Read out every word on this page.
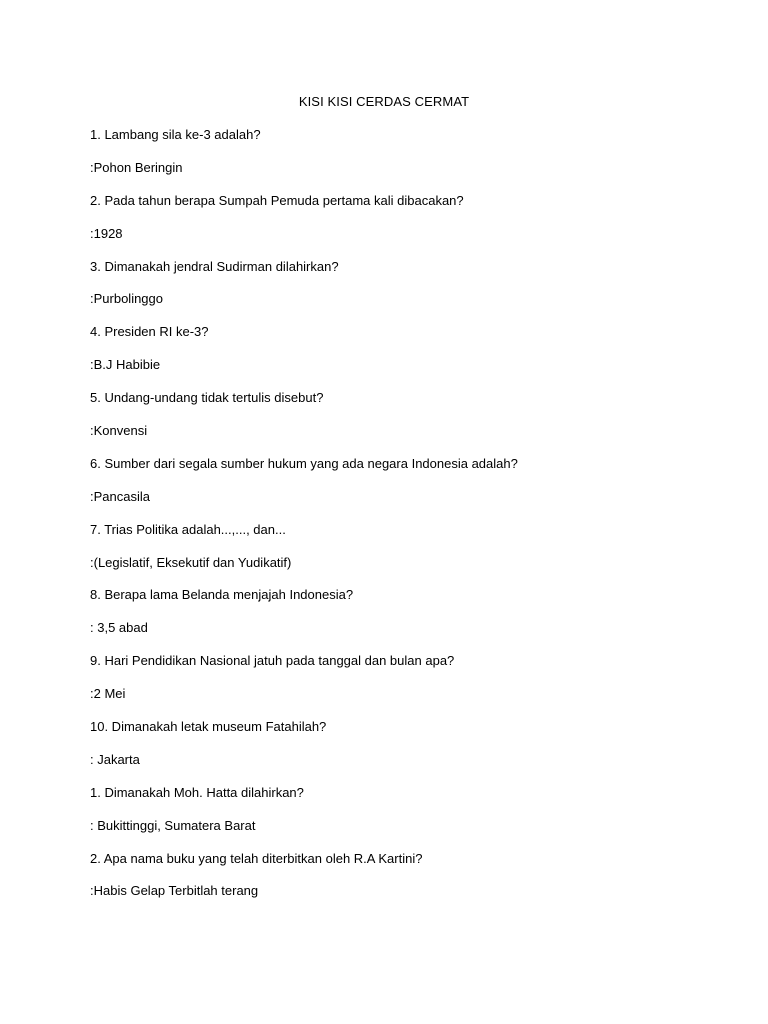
KISI KISI CERDAS CERMAT
1. Lambang sila ke-3 adalah?
:Pohon Beringin
2. Pada tahun berapa Sumpah Pemuda pertama kali dibacakan?
:1928
3. Dimanakah jendral Sudirman dilahirkan?
:Purbolinggo
4. Presiden RI ke-3?
:B.J Habibie
5. Undang-undang tidak tertulis disebut?
:Konvensi
6. Sumber dari segala sumber hukum yang ada negara Indonesia adalah?
:Pancasila
7. Trias Politika adalah...,..., dan...
:(Legislatif, Eksekutif dan Yudikatif)
8. Berapa lama Belanda menjajah Indonesia?
: 3,5 abad
9. Hari Pendidikan Nasional jatuh pada tanggal dan bulan apa?
:2 Mei
10. Dimanakah letak museum Fatahilah?
: Jakarta
1. Dimanakah Moh. Hatta dilahirkan?
: Bukittinggi, Sumatera Barat
2. Apa nama buku yang telah diterbitkan oleh R.A Kartini?
:Habis Gelap Terbitlah terang
